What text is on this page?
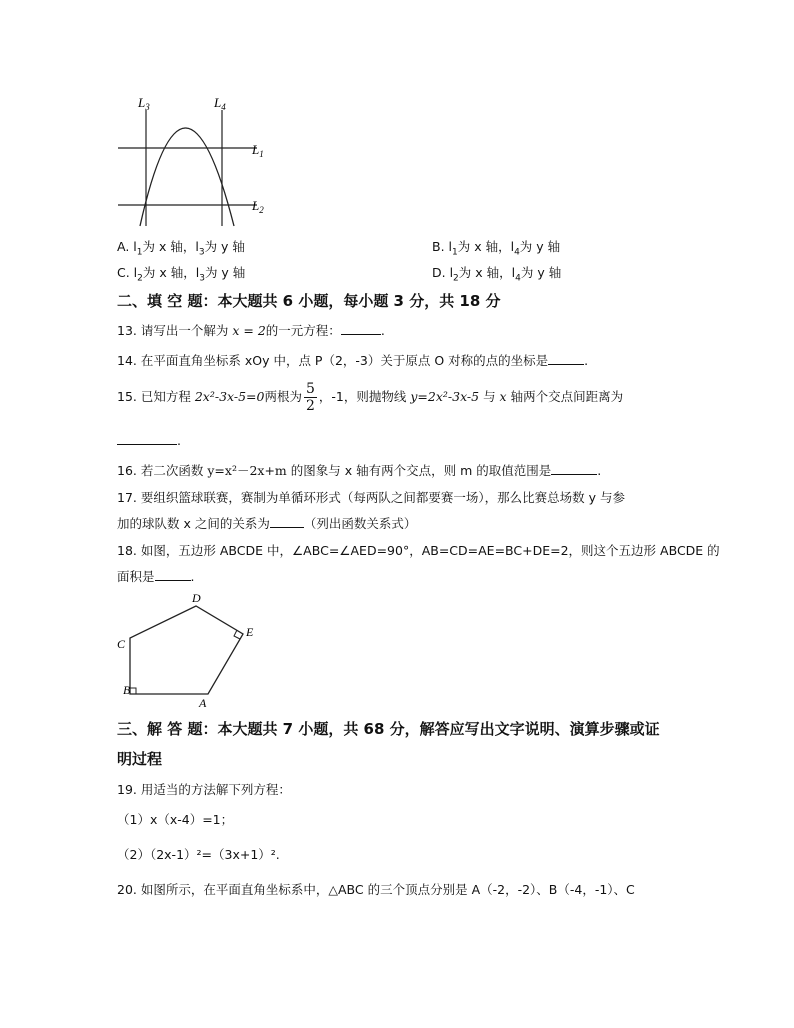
$L_3$	$L_4$
$L_1$
$L_2$
A. $l_1$为 x 轴，$l_3$为 y 轴	B. $l_1$为 x 轴，$l_4$为 y 轴
C. $l_2$为 x 轴，$l_3$为 y 轴	D. $l_2$为 x 轴，$l_4$为 y 轴
二、填 空 题：本大题共 6 小题，每小题 3 分，共 18 分
13. 请写出一个解为 x = 2的一元方程：	.
14. 在平面直角坐标系 xOy 中，点 P（2，-3）关于原点 O 对称的点的坐标是	.
15. 已知方程 2x²-3x-5=0两根为 $\frac{5}{2}$ ，-1，则抛物线 y=2x²-3x-5 与 x 轴两个交点间距离为
.
16. 若二次函数 y=x²－2x+m 的图象与 x 轴有两个交点，则 m 的取值范围是	.
17. 要组织篮球联赛，赛制为单循环形式（每两队之间都要赛一场），那么比赛总场数 y 与参
加的球队数 x 之间的关系为	（列出函数关系式）
18. 如图，五边形 ABCDE 中，∠ABC=∠AED=90°，AB=CD=AE=BC+DE=2，则这个五边形 ABCDE 的
面积是	.
D
E
C
B
A
三、解 答 题：本大题共 7 小题，共 68 分，解答应写出文字说明、演算步骤或证
明过程
19. 用适当的方法解下列方程：
（1）x（x-4）=1；
（2）（2x-1）²=（3x+1）².
20. 如图所示，在平面直角坐标系中，△ABC 的三个顶点分别是 A（-2，-2）、B（-4，-1）、C
